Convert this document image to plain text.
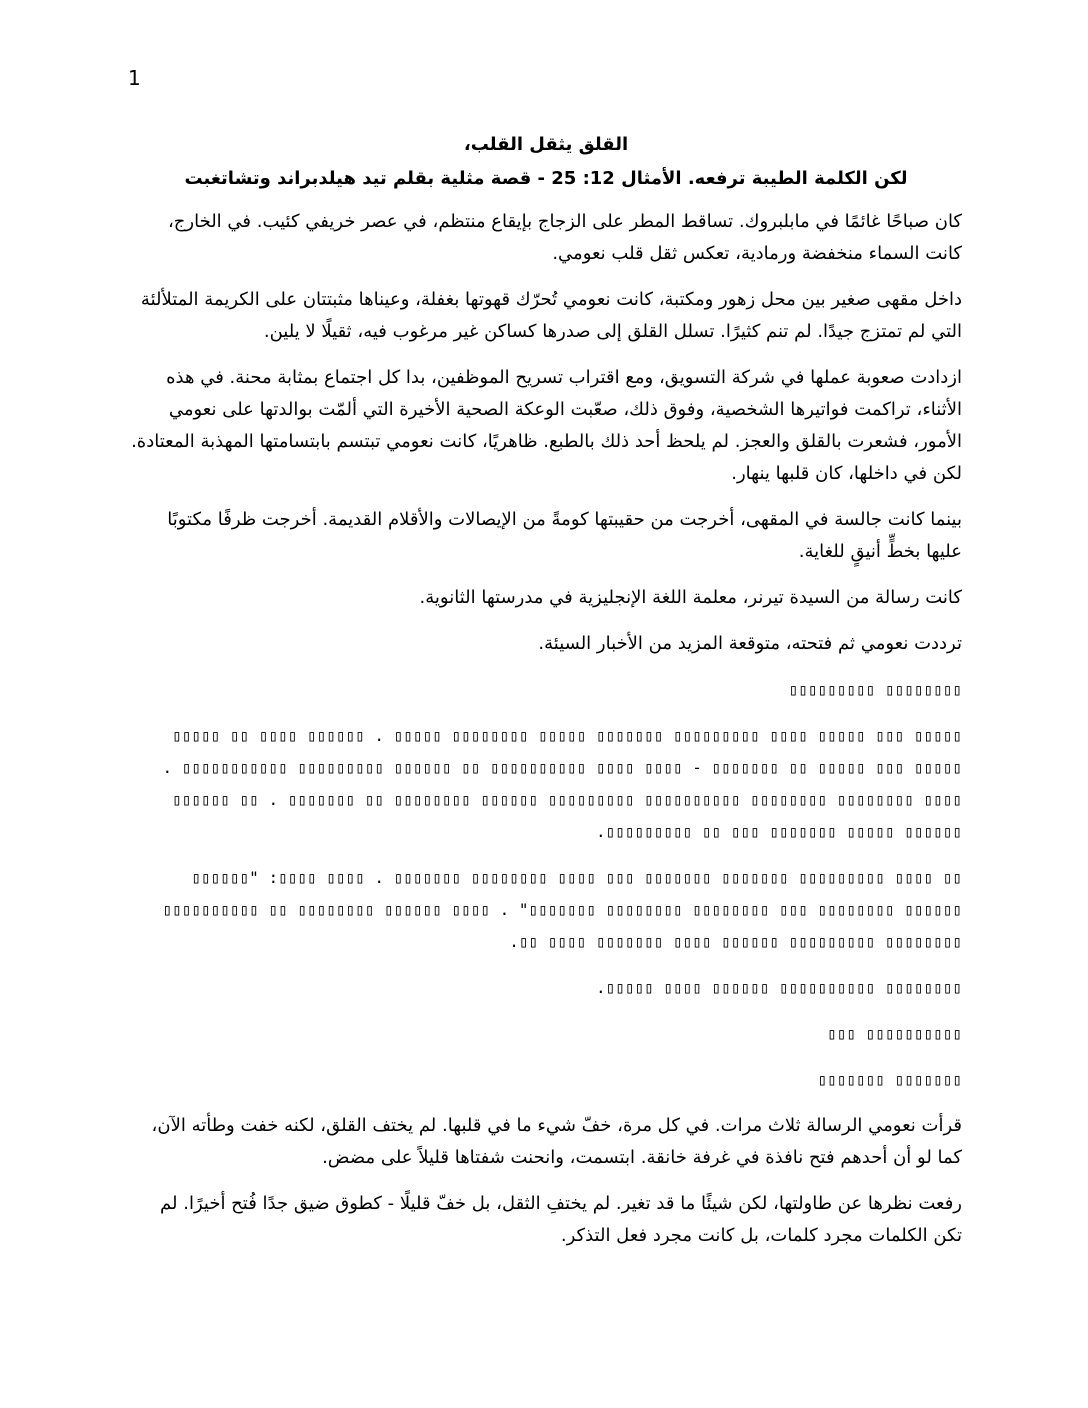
1
القلق يثقل القلب،
لكن الكلمة الطيبة ترفعه. الأمثال 12: 25 - قصة مثلية بقلم تيد هيلدبراند وتشاتغبت

كان صباحًا غائمًا في مابلبروك. تساقط المطر على الزجاج بإيقاع منتظم، في عصر خريفي كئيب. في الخارج، كانت السماء منخفضة ورمادية، تعكس ثقل قلب نعومي.

داخل مقهى صغير بين محل زهور ومكتبة، كانت نعومي تُحرّك قهوتها بغفلة، وعيناها مثبتتان على الكريمة المتلألئة التي لم تمتزج جيدًا. لم تنم كثيرًا. تسلل القلق إلى صدرها كساكن غير مرغوب فيه، ثقيلًا لا يلين.

ازدادت صعوبة عملها في شركة التسويق، ومع اقتراب تسريح الموظفين، بدا كل اجتماع بمثابة محنة. في هذه الأثناء، تراكمت فواتيرها الشخصية، وفوق ذلك، صعّبت الوعكة الصحية الأخيرة التي ألمّت بوالدتها على نعومي الأمور، فشعرت بالقلق والعجز. لم يلحظ أحد ذلك بالطبع. ظاهريًا، كانت نعومي تبتسم بابتسامتها المهذبة المعتادة. لكن في داخلها، كان قلبها ينهار.

بينما كانت جالسة في المقهى، أخرجت من حقيبتها كومةً من الإيصالات والأقلام القديمة. أخرجت ظرفًا مكتوبًا عليها بخطٍّ أنيقٍ للغاية.

كانت رسالة من السيدة تيرنر، معلمة اللغة الإنجليزية في مدرستها الثانوية.

ترددت نعومي ثم فتحته، متوقعة المزيد من الأخبار السيئة.

▯▯▯▯▯▯▯▯ ▯▯▯▯▯▯▯▯▯

▯▯▯▯▯ ▯▯▯ ▯▯▯▯▯ ▯▯▯▯ ▯▯▯▯▯▯▯▯▯ ▯▯▯▯▯▯▯ ▯▯▯▯▯ ▯▯▯▯▯▯▯▯ ▯▯▯▯▯ . ▯▯▯▯▯▯ ▯▯▯▯ ▯▯ ▯▯▯▯▯ ▯▯▯▯▯ ▯▯▯ ▯▯▯▯▯ ▯▯ ▯▯▯▯▯▯▯ - ▯▯▯▯ ▯▯▯▯ ▯▯▯▯▯▯▯▯▯▯ ▯▯ ▯▯▯▯▯▯ ▯▯▯▯▯▯▯▯▯ ▯▯▯▯▯▯▯▯▯▯▯ . ▯▯▯▯ ▯▯▯▯▯▯▯▯ ▯▯▯▯▯▯▯▯ ▯▯▯▯▯▯▯▯▯▯ ▯▯▯▯▯▯▯▯▯ ▯▯▯▯▯▯ ▯▯▯▯▯▯▯▯ ▯▯ ▯▯▯▯▯▯▯ . ▯▯ ▯▯▯▯▯▯ ▯▯▯▯▯▯ ▯▯▯▯▯ ▯▯▯▯▯▯▯ ▯▯▯ ▯▯ ▯▯▯▯▯▯▯▯▯.

▯▯ ▯▯▯▯ ▯▯▯▯▯▯▯▯▯ ▯▯▯▯▯▯▯ ▯▯▯▯▯▯▯ ▯▯▯ ▯▯▯▯ ▯▯▯▯▯▯▯▯ ▯▯▯▯▯▯▯ . ▯▯▯▯ ▯▯▯▯: "▯▯▯▯▯▯ ▯▯▯▯▯▯ ▯▯▯▯▯▯▯▯ ▯▯▯ ▯▯▯▯▯▯▯▯ ▯▯▯▯▯▯▯▯ ▯▯▯▯▯▯▯" . ▯▯▯▯ ▯▯▯▯▯▯ ▯▯▯▯▯▯▯▯ ▯▯ ▯▯▯▯▯▯▯▯▯▯ ▯▯▯▯▯▯▯▯ ▯▯▯▯▯▯▯▯▯ ▯▯▯▯▯▯ ▯▯▯▯ ▯▯▯▯▯▯▯ ▯▯▯▯ ▯▯.

▯▯▯▯▯▯▯▯ ▯▯▯▯▯▯▯▯▯▯ ▯▯▯▯▯▯ ▯▯▯▯ ▯▯▯▯▯.

▯▯▯▯▯▯▯▯▯▯ ▯▯▯

▯▯▯▯▯▯▯ ▯▯▯▯▯▯▯

قرأت نعومي الرسالة ثلاث مرات. في كل مرة، خفّ شيء ما في قلبها. لم يختف القلق، لكنه خفت وطأته الآن، كما لو أن أحدهم فتح نافذة في غرفة خانقة. ابتسمت، وانحنت شفتاها قليلاً على مضض.

رفعت نظرها عن طاولتها، لكن شيئًا ما قد تغير. لم يختفِ الثقل، بل خفّ قليلًا - كطوق ضيق جدًا فُتح أخيرًا. لم تكن الكلمات مجرد كلمات، بل كانت مجرد فعل التذكر.
